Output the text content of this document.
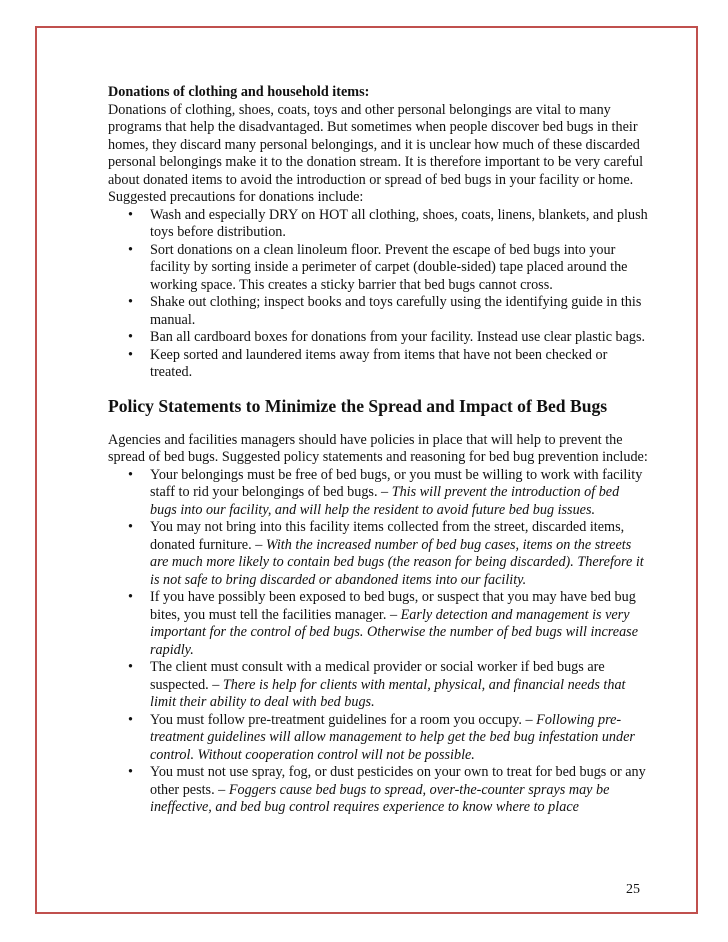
Donations of clothing and household items:
Donations of clothing, shoes, coats, toys and other personal belongings are vital to many programs that help the disadvantaged. But sometimes when people discover bed bugs in their homes, they discard many personal belongings, and it is unclear how much of these discarded personal belongings make it to the donation stream. It is therefore important to be very careful about donated items to avoid the introduction or spread of bed bugs in your facility or home. Suggested precautions for donations include:

• Wash and especially DRY on HOT all clothing, shoes, coats, linens, blankets, and plush toys before distribution.
• Sort donations on a clean linoleum floor. Prevent the escape of bed bugs into your facility by sorting inside a perimeter of carpet (double-sided) tape placed around the working space. This creates a sticky barrier that bed bugs cannot cross.
• Shake out clothing; inspect books and toys carefully using the identifying guide in this manual.
• Ban all cardboard boxes for donations from your facility. Instead use clear plastic bags.
• Keep sorted and laundered items away from items that have not been checked or treated.
Policy Statements to Minimize the Spread and Impact of Bed Bugs

Agencies and facilities managers should have policies in place that will help to prevent the spread of bed bugs. Suggested policy statements and reasoning for bed bug prevention include:

• Your belongings must be free of bed bugs, or you must be willing to work with facility staff to rid your belongings of bed bugs. – This will prevent the introduction of bed bugs into our facility, and will help the resident to avoid future bed bug issues.
• You may not bring into this facility items collected from the street, discarded items, donated furniture. – With the increased number of bed bug cases, items on the streets are much more likely to contain bed bugs (the reason for being discarded). Therefore it is not safe to bring discarded or abandoned items into our facility.
• If you have possibly been exposed to bed bugs, or suspect that you may have bed bug bites, you must tell the facilities manager. – Early detection and management is very important for the control of bed bugs. Otherwise the number of bed bugs will increase rapidly.
• The client must consult with a medical provider or social worker if bed bugs are suspected. – There is help for clients with mental, physical, and financial needs that limit their ability to deal with bed bugs.
• You must follow pre-treatment guidelines for a room you occupy. – Following pre-treatment guidelines will allow management to help get the bed bug infestation under control. Without cooperation control will not be possible.
• You must not use spray, fog, or dust pesticides on your own to treat for bed bugs or any other pests. – Foggers cause bed bugs to spread, over-the-counter sprays may be ineffective, and bed bug control requires experience to know where to place
25
